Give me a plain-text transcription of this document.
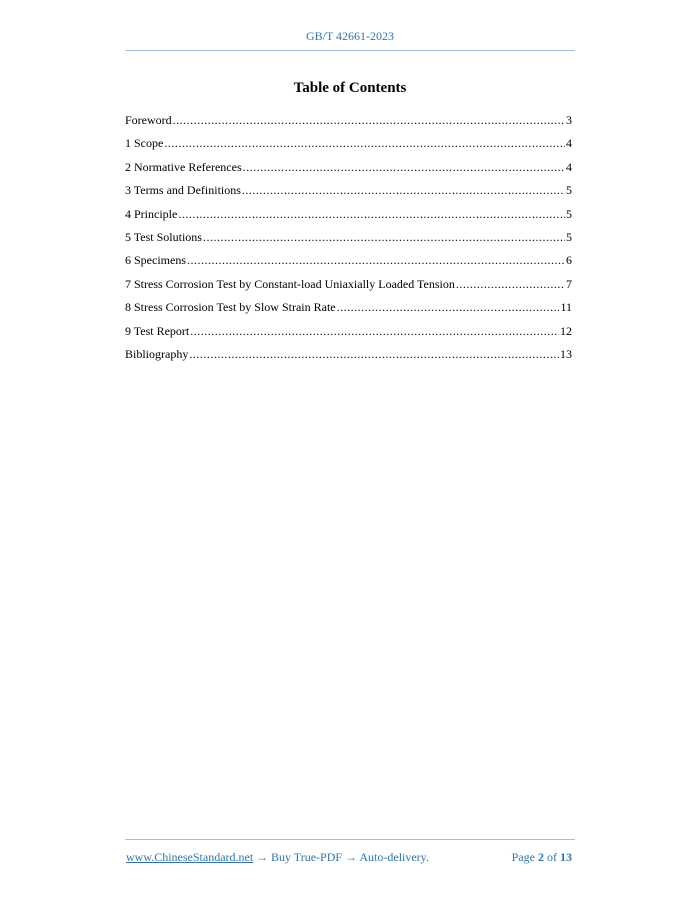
GB/T 42661-2023
Table of Contents
Foreword .....	3
1 Scope .....	4
2 Normative References .....	4
3 Terms and Definitions .....	5
4 Principle .....	5
5 Test Solutions .....	5
6 Specimens .....	6
7 Stress Corrosion Test by Constant-load Uniaxially Loaded Tension .....	7
8 Stress Corrosion Test by Slow Strain Rate .....	11
9 Test Report .....	12
Bibliography .....	13
www.ChineseStandard.net → Buy True-PDF → Auto-delivery.	Page 2 of 13
